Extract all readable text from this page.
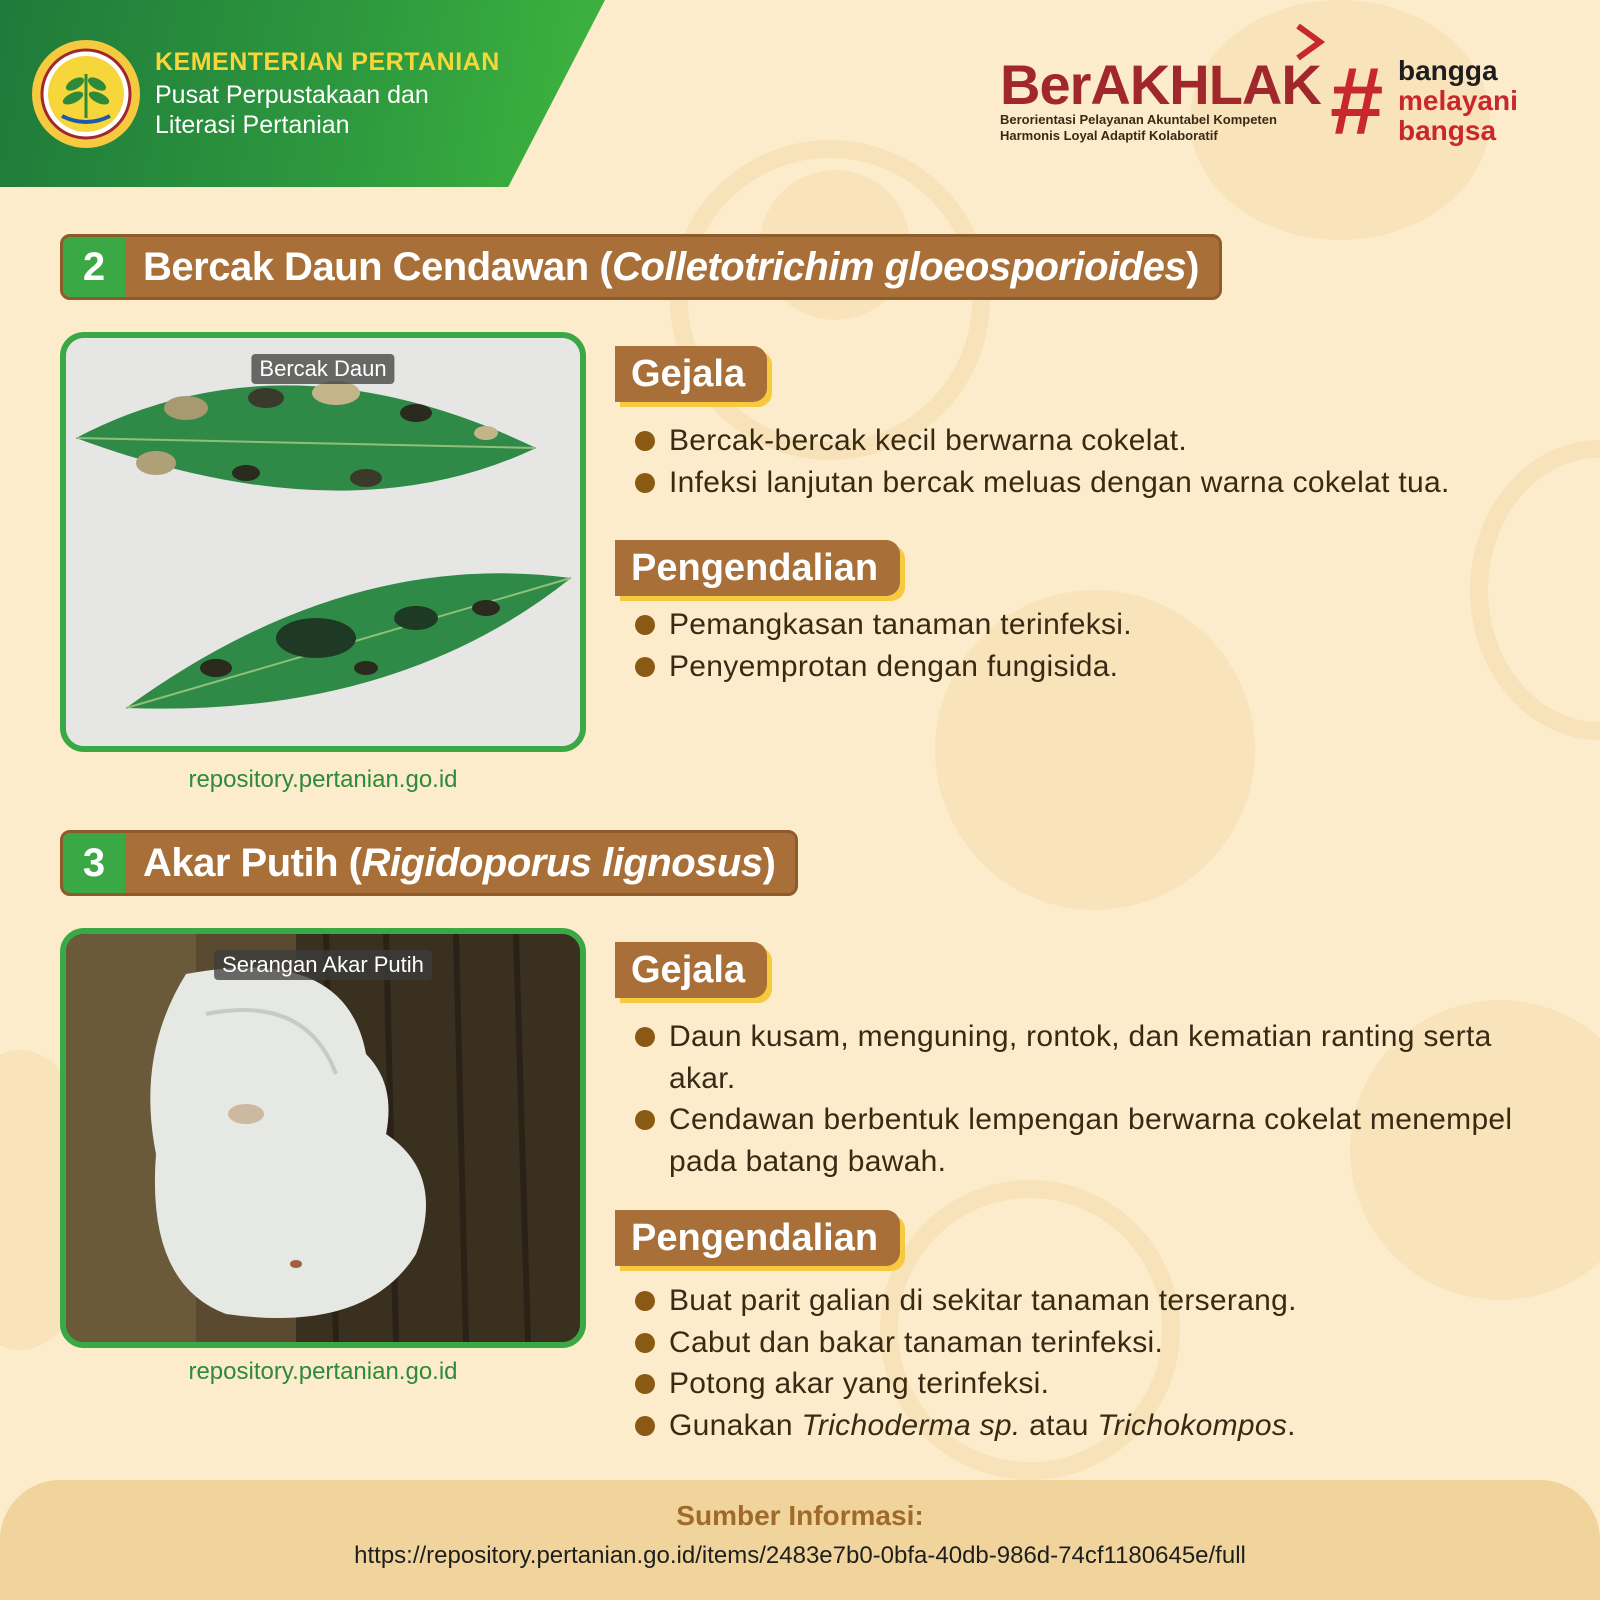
KEMENTERIAN PERTANIAN
Pusat Perpustakaan dan
Literasi Pertanian
BerAKHLAK
Berorientasi Pelayanan Akuntabel Kompeten
Harmonis Loyal Adaptif Kolaboratif	# bangga
melayani
bangsa
2 Bercak Daun Cendawan (Colletotrichim gloeosporioides)
Bercak Daun
repository.pertanian.go.id
Gejala
Bercak-bercak kecil berwarna cokelat.
Infeksi lanjutan bercak meluas dengan warna cokelat tua.
Pengendalian
Pemangkasan tanaman terinfeksi.
Penyemprotan dengan fungisida.
3 Akar Putih (Rigidoporus lignosus)
Serangan Akar Putih
repository.pertanian.go.id
Gejala
Daun kusam, menguning, rontok, dan kematian ranting serta akar.
Cendawan berbentuk lempengan berwarna cokelat menempel pada batang bawah.
Pengendalian
Buat parit galian di sekitar tanaman terserang.
Cabut dan bakar tanaman terinfeksi.
Potong akar yang terinfeksi.
Gunakan Trichoderma sp. atau Trichokompos.
Sumber Informasi:
https://repository.pertanian.go.id/items/2483e7b0-0bfa-40db-986d-74cf1180645e/full
